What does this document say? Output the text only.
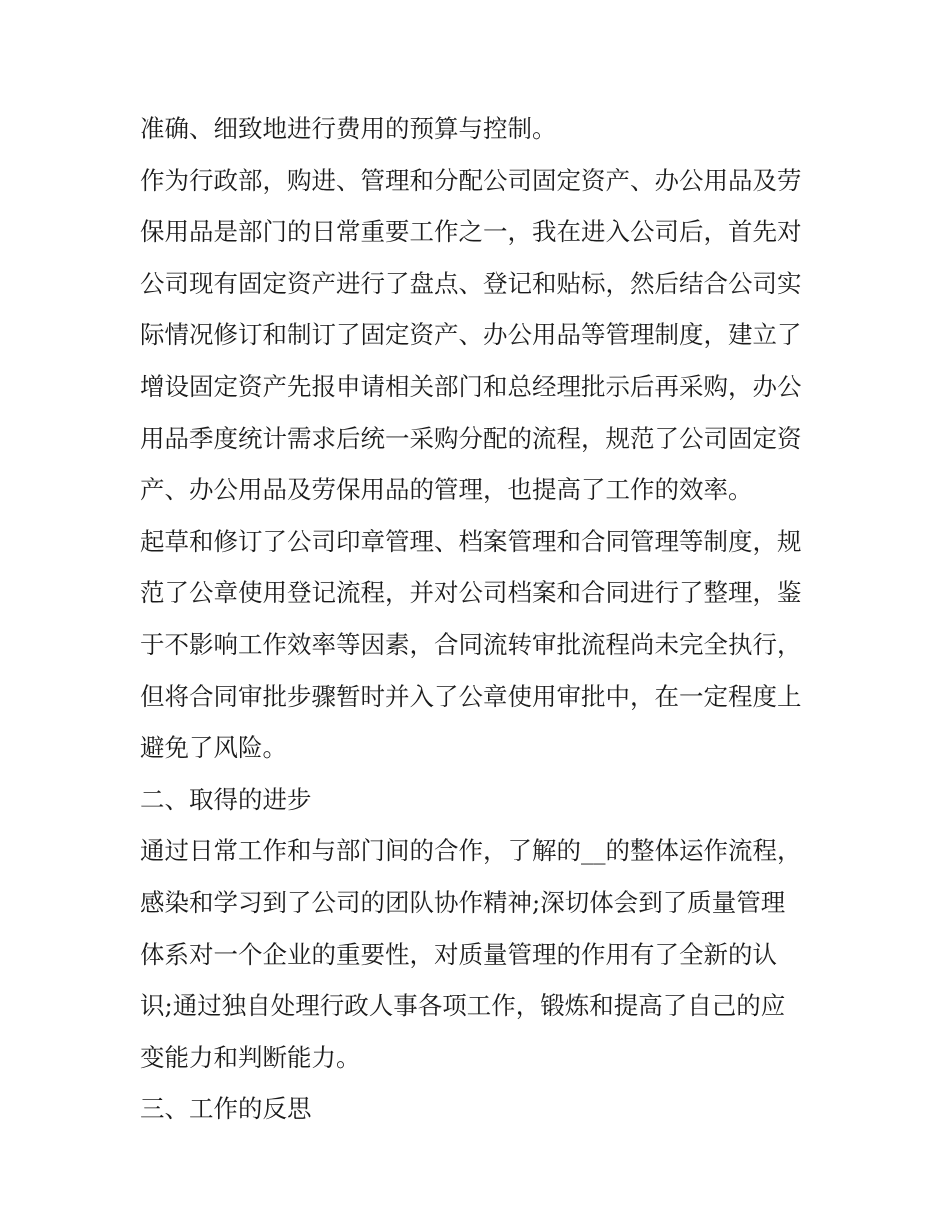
准确、细致地进行费用的预算与控制。
作为行政部，购进、管理和分配公司固定资产、办公用品及劳
保用品是部门的日常重要工作之一，我在进入公司后，首先对
公司现有固定资产进行了盘点、登记和贴标，然后结合公司实
际情况修订和制订了固定资产、办公用品等管理制度，建立了
增设固定资产先报申请相关部门和总经理批示后再采购，办公
用品季度统计需求后统一采购分配的流程，规范了公司固定资
产、办公用品及劳保用品的管理，也提高了工作的效率。
起草和修订了公司印章管理、档案管理和合同管理等制度，规
范了公章使用登记流程，并对公司档案和合同进行了整理，鉴
于不影响工作效率等因素，合同流转审批流程尚未完全执行，
但将合同审批步骤暂时并入了公章使用审批中，在一定程度上
避免了风险。
二、取得的进步
通过日常工作和与部门间的合作，了解的__的整体运作流程，
感染和学习到了公司的团队协作精神;深切体会到了质量管理
体系对一个企业的重要性，对质量管理的作用有了全新的认
识;通过独自处理行政人事各项工作，锻炼和提高了自己的应
变能力和判断能力。
三、工作的反思
